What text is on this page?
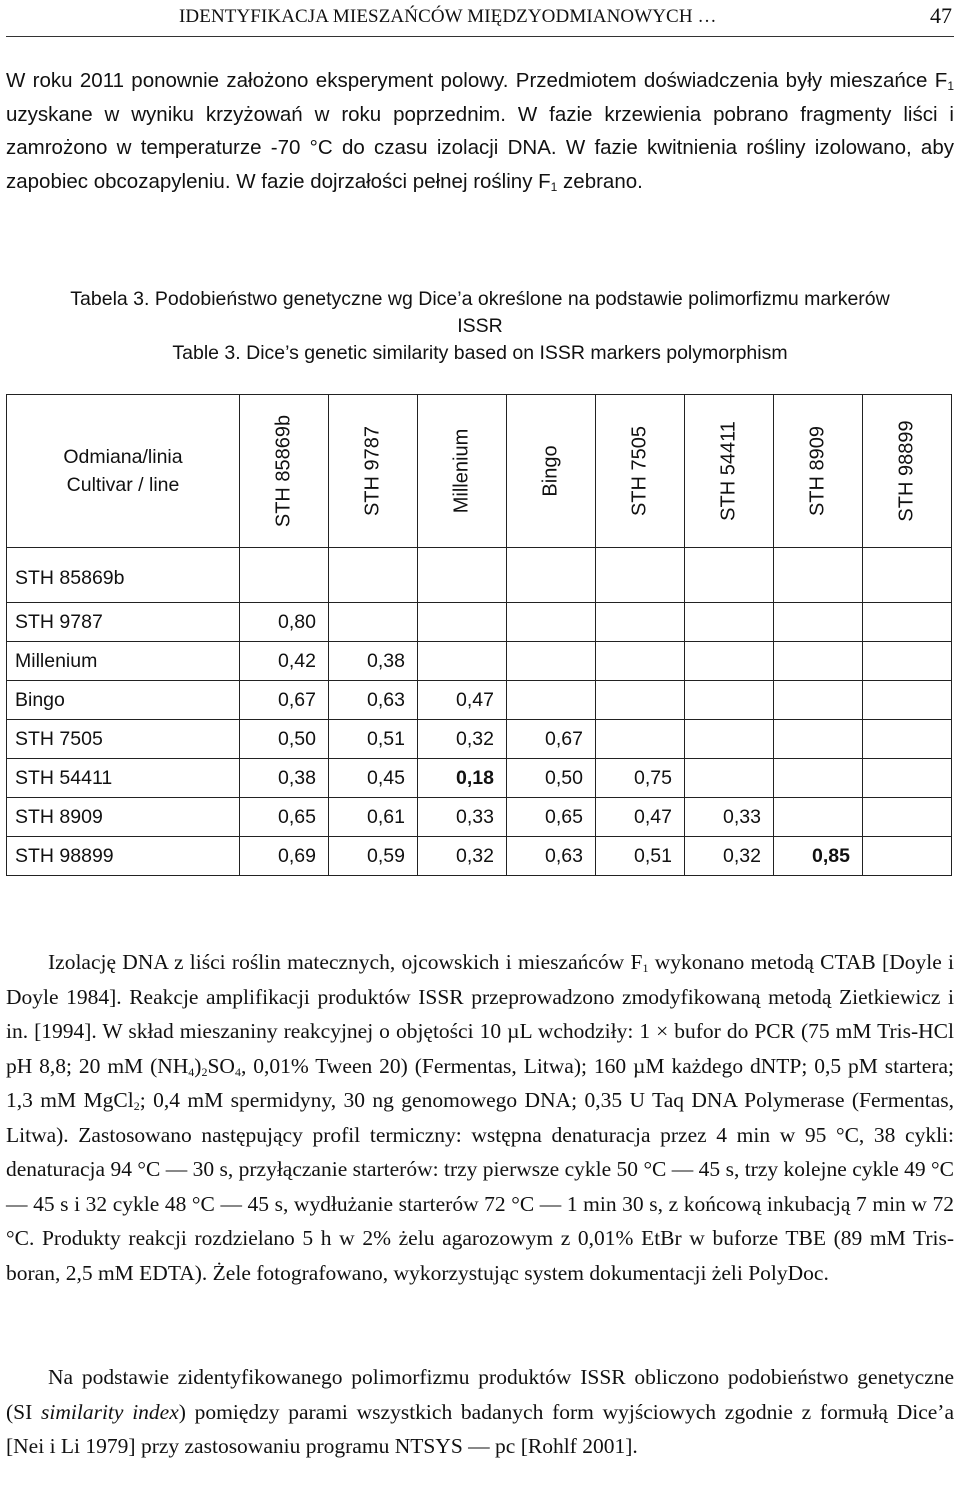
IDENTYFIKACJA MIESZAŃCÓW MIĘDZYODMIANOWYCH …	47

W roku 2011 ponownie założono eksperyment polowy. Przedmiotem doświadczenia były mieszańce $F_1$ uzyskane w wyniku krzyżowań w roku poprzednim. W fazie krzewienia pobrano fragmenty liści i zamrożono w temperaturze -70 °C do czasu izolacji DNA. W fazie kwitnienia rośliny izolowano, aby zapobiec obcozapyleniu. W fazie dojrzałości pełnej rośliny $F_1$ zebrano.

Tabela 3. Podobieństwo genetyczne wg Dice’a określone na podstawie polimorfizmu markerów
ISSR
Table 3. Dice’s genetic similarity based on ISSR markers polymorphism
Odmiana/linia
Cultivar / line	STH 85869b	STH 9787	Millenium	Bingo	STH 7505	STH 54411	STH 8909	STH 98899

STH 85869b								
STH 9787	0,80							
Millenium	0,42	0,38						
Bingo	0,67	0,63	0,47					
STH 7505	0,50	0,51	0,32	0,67				
STH 54411	0,38	0,45	0,18	0,50	0,75			
STH 8909	0,65	0,61	0,33	0,65	0,47	0,33		
STH 98899	0,69	0,59	0,32	0,63	0,51	0,32	0,85	

Izolację DNA z liści roślin matecznych, ojcowskich i mieszańców $F_1$ wykonano metodą CTAB [Doyle i Doyle 1984]. Reakcje amplifikacji produktów ISSR przeprowadzono zmodyfikowaną metodą Zietkiewicz i in. [1994]. W skład mieszaniny reakcyjnej o objętości 10 µL wchodziły: 1 × bufor do PCR (75 mM Tris-HCl pH 8,8; 20 mM $(NH_4)_2SO_4$, 0,01% Tween 20) (Fermentas, Litwa); 160 µM każdego dNTP; 0,5 pM startera; 1,3 mM MgCl$_2$; 0,4 mM spermidyny, 30 ng genomowego DNA; 0,35 U Taq DNA Polymerase (Fermentas, Litwa). Zastosowano następujący profil termiczny: wstępna denaturacja przez 4 min w 95 °C, 38 cykli: denaturacja 94 °C — 30 s, przyłączanie starterów: trzy pierwsze cykle 50 °C — 45 s, trzy kolejne cykle 49 °C — 45 s i 32 cykle 48 °C — 45 s, wydłużanie starterów 72 °C — 1 min 30 s, z końcową inkubacją 7 min w 72 °C. Produkty reakcji rozdzielano 5 h w 2% żelu agarozowym z 0,01% EtBr w buforze TBE (89 mM Tris-boran, 2,5 mM EDTA). Żele fotografowano, wykorzystując system dokumentacji żeli PolyDoc.

Na podstawie zidentyfikowanego polimorfizmu produktów ISSR obliczono podobieństwo genetyczne (SI similarity index) pomiędzy parami wszystkich badanych form wyjściowych zgodnie z formułą Dice’a [Nei i Li 1979] przy zastosowaniu programu NTSYS — pc [Rohlf 2001].
